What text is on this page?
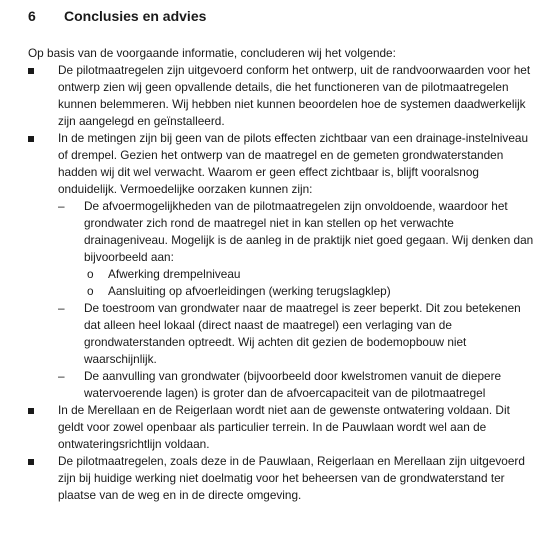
6 Conclusies en advies
Op basis van de voorgaande informatie, concluderen wij het volgende:
De pilotmaatregelen zijn uitgevoerd conform het ontwerp, uit de randvoorwaarden voor het ontwerp zien wij geen opvallende details, die het functioneren van de pilotmaatregelen kunnen belemmeren. Wij hebben niet kunnen beoordelen hoe de systemen daadwerkelijk zijn aangelegd en geïnstalleerd.
In de metingen zijn bij geen van de pilots effecten zichtbaar van een drainage-instelniveau of drempel. Gezien het ontwerp van de maatregel en de gemeten grondwaterstanden hadden wij dit wel verwacht. Waarom er geen effect zichtbaar is, blijft vooralsnog onduidelijk. Vermoedelijke oorzaken kunnen zijn:
– De afvoermogelijkheden van de pilotmaatregelen zijn onvoldoende, waardoor het grondwater zich rond de maatregel niet in kan stellen op het verwachte drainageniveau. Mogelijk is de aanleg in de praktijk niet goed gegaan. Wij denken dan bijvoorbeeld aan:
o Afwerking drempelniveau
o Aansluiting op afvoerleidingen (werking terugslagklep)
– De toestroom van grondwater naar de maatregel is zeer beperkt. Dit zou betekenen dat alleen heel lokaal (direct naast de maatregel) een verlaging van de grondwaterstanden optreedt. Wij achten dit gezien de bodemopbouw niet waarschijnlijk.
– De aanvulling van grondwater (bijvoorbeeld door kwelstromen vanuit de diepere watervoerende lagen) is groter dan de afvoercapaciteit van de pilotmaatregel
In de Merellaan en de Reigerlaan wordt niet aan de gewenste ontwatering voldaan. Dit geldt voor zowel openbaar als particulier terrein. In de Pauwlaan wordt wel aan de ontwateringsrichtlijn voldaan.
De pilotmaatregelen, zoals deze in de Pauwlaan, Reigerlaan en Merellaan zijn uitgevoerd zijn bij huidige werking niet doelmatig voor het beheersen van de grondwaterstand ter plaatse van de weg en in de directe omgeving.
